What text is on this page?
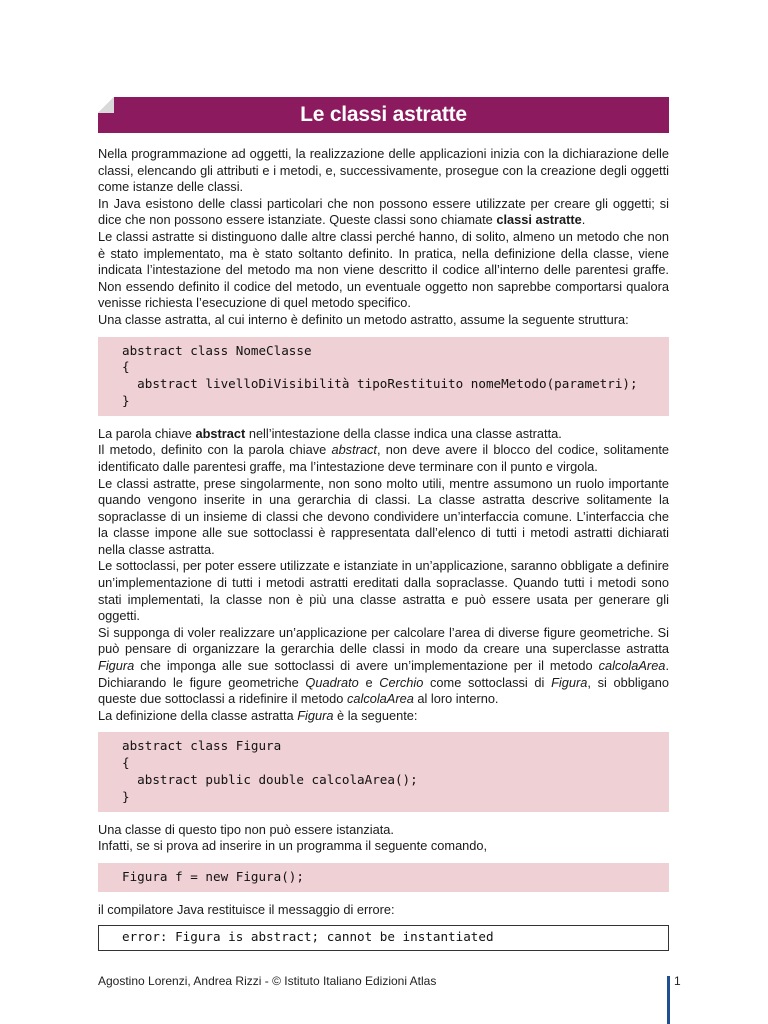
Le classi astratte

Nella programmazione ad oggetti, la realizzazione delle applicazioni inizia con la dichiarazione delle classi, elencando gli attributi e i metodi, e, successivamente, prosegue con la creazione degli oggetti come istanze delle classi.

In Java esistono delle classi particolari che non possono essere utilizzate per creare gli oggetti; si dice che non possono essere istanziate. Queste classi sono chiamate classi astratte.

Le classi astratte si distinguono dalle altre classi perché hanno, di solito, almeno un metodo che non è stato implementato, ma è stato soltanto definito. In pratica, nella definizione della classe, viene indicata l’intestazione del metodo ma non viene descritto il codice all’interno delle parentesi graffe. Non essendo definito il codice del metodo, un eventuale oggetto non saprebbe comportarsi qualora venisse richiesta l’esecuzione di quel metodo specifico.

Una classe astratta, al cui interno è definito un metodo astratto, assume la seguente struttura:

abstract class NomeClasse
{
abstract livelloDiVisibilità tipoRestituito nomeMetodo(parametri);
}

La parola chiave abstract nell’intestazione della classe indica una classe astratta.

Il metodo, definito con la parola chiave abstract, non deve avere il blocco del codice, solitamente identificato dalle parentesi graffe, ma l’intestazione deve terminare con il punto e virgola.

Le classi astratte, prese singolarmente, non sono molto utili, mentre assumono un ruolo importante quando vengono inserite in una gerarchia di classi. La classe astratta descrive solitamente la sopraclasse di un insieme di classi che devono condividere un’interfaccia comune. L’interfaccia che la classe impone alle sue sottoclassi è rappresentata dall’elenco di tutti i metodi astratti dichiarati nella classe astratta.

Le sottoclassi, per poter essere utilizzate e istanziate in un’applicazione, saranno obbligate a definire un’implementazione di tutti i metodi astratti ereditati dalla sopraclasse. Quando tutti i metodi sono stati implementati, la classe non è più una classe astratta e può essere usata per generare gli oggetti.

Si supponga di voler realizzare un’applicazione per calcolare l’area di diverse figure geometriche. Si può pensare di organizzare la gerarchia delle classi in modo da creare una superclasse astratta Figura che imponga alle sue sottoclassi di avere un’implementazione per il metodo calcolaArea. Dichiarando le figure geometriche Quadrato e Cerchio come sottoclassi di Figura, si obbligano queste due sottoclassi a ridefinire il metodo calcolaArea al loro interno.

La definizione della classe astratta Figura è la seguente:

abstract class Figura
{
abstract public double calcolaArea();
}

Una classe di questo tipo non può essere istanziata.

Infatti, se si prova ad inserire in un programma il seguente comando,

Figura f = new Figura();

il compilatore Java restituisce il messaggio di errore:

error: Figura is abstract; cannot be instantiated
Agostino Lorenzi, Andrea Rizzi - © Istituto Italiano Edizioni Atlas	1
